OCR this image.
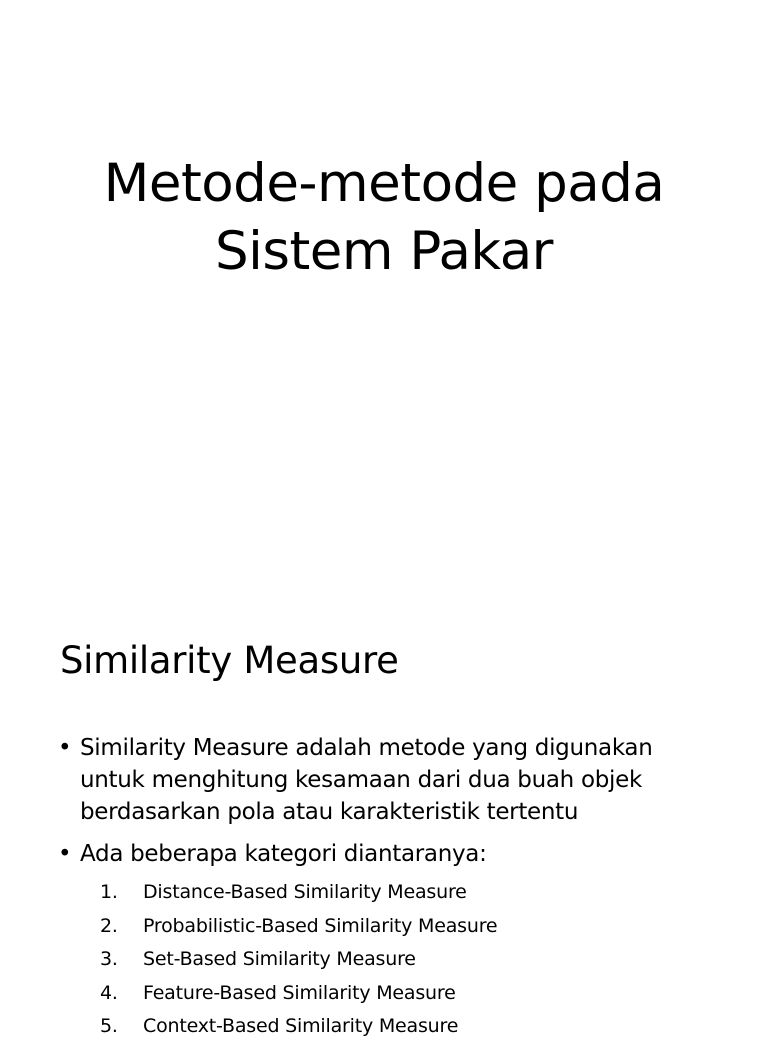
Metode-metode pada
Sistem Pakar
Similarity Measure
• Similarity Measure adalah metode yang digunakan
untuk menghitung kesamaan dari dua buah objek
berdasarkan pola atau karakteristik tertentu
• Ada beberapa kategori diantaranya:
1. Distance-Based Similarity Measure
2. Probabilistic-Based Similarity Measure
3. Set-Based Similarity Measure
4. Feature-Based Similarity Measure
5. Context-Based Similarity Measure
